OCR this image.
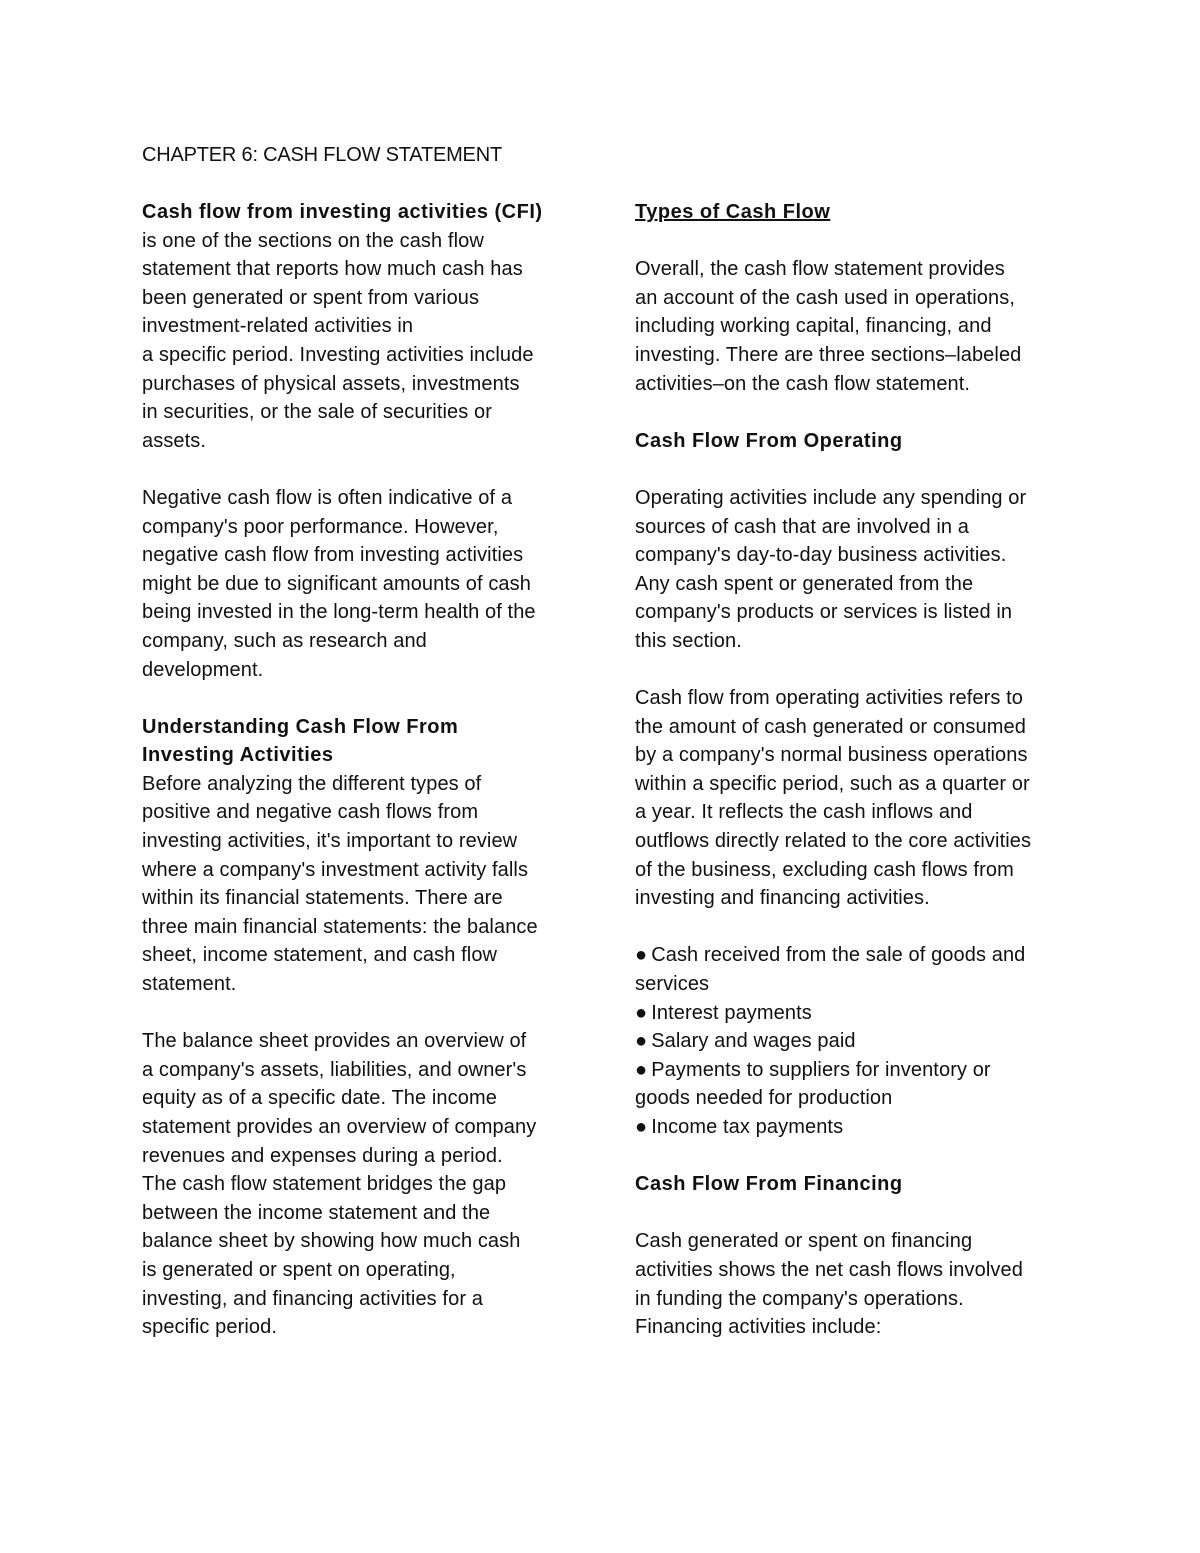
CHAPTER 6: CASH FLOW STATEMENT

Cash flow from investing activities (CFI)

is one of the sections on the cash flow

statement that reports how much cash has

been generated or spent from various

investment-related activities in

a specific period. Investing activities include

purchases of physical assets, investments

in securities, or the sale of securities or

assets.

Negative cash flow is often indicative of a

company's poor performance. However,

negative cash flow from investing activities

might be due to significant amounts of cash

being invested in the long-term health of the

company, such as research and

development.

Understanding Cash Flow From

Investing Activities

Before analyzing the different types of

positive and negative cash flows from

investing activities, it's important to review

where a company's investment activity falls

within its financial statements. There are

three main financial statements: the balance

sheet, income statement, and cash flow

statement.

The balance sheet provides an overview of

a company's assets, liabilities, and owner's

equity as of a specific date. The income

statement provides an overview of company

revenues and expenses during a period.

The cash flow statement bridges the gap

between the income statement and the

balance sheet by showing how much cash

is generated or spent on operating,

investing, and financing activities for a

specific period.

Types of Cash Flow

Overall, the cash flow statement provides

an account of the cash used in operations,

including working capital, financing, and

investing. There are three sections–labeled

activities–on the cash flow statement.

Cash Flow From Operating

Operating activities include any spending or

sources of cash that are involved in a

company's day-to-day business activities.

Any cash spent or generated from the

company's products or services is listed in

this section.

Cash flow from operating activities refers to

the amount of cash generated or consumed

by a company's normal business operations

within a specific period, such as a quarter or

a year. It reflects the cash inflows and

outflows directly related to the core activities

of the business, excluding cash flows from

investing and financing activities.

● Cash received from the sale of goods and

services

● Interest payments

● Salary and wages paid

● Payments to suppliers for inventory or

goods needed for production

● Income tax payments

Cash Flow From Financing

Cash generated or spent on financing

activities shows the net cash flows involved

in funding the company's operations.

Financing activities include:
